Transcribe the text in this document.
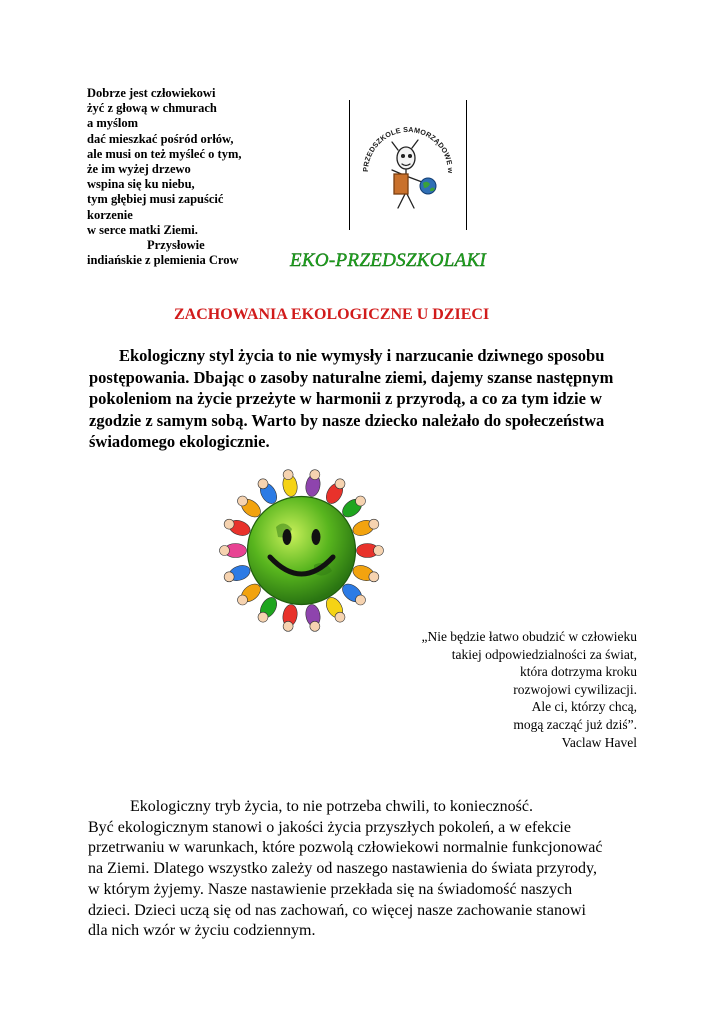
Dobrze jest człowiekowi
żyć z głową w chmurach
a myślom
dać mieszkać pośród orłów,
ale musi on też myśleć o tym,
że im wyżej drzewo
wspina się ku niebu,
tym głębiej musi zapuścić
korzenie
w serce matki Ziemi.
Przysłowie
indiańskie z plemienia Crow
PRZEDSZKOLE SAMORZĄDOWE w
EKO-PRZEDSZKOLAKI
ZACHOWANIA EKOLOGICZNE U DZIECI
Ekologiczny styl życia to nie wymysły i narzucanie dziwnego sposobu postępowania. Dbając o zasoby naturalne ziemi, dajemy szanse następnym pokoleniom na życie przeżyte w harmonii z przyrodą, a co za tym idzie w zgodzie z samym sobą. Warto by nasze dziecko należało do społeczeństwa świadomego ekologicznie.
„Nie będzie łatwo obudzić w człowieku
takiej odpowiedzialności za świat,
która dotrzyma kroku
rozwojowi cywilizacji.
Ale ci, którzy chcą,
mogą zacząć już dziś”.
Vaclaw Havel
Ekologiczny tryb życia, to nie potrzeba chwili, to konieczność.
Być ekologicznym stanowi o jakości życia przyszłych pokoleń, a w efekcie
przetrwaniu w warunkach, które pozwolą człowiekowi normalnie funkcjonować
na Ziemi. Dlatego wszystko zależy od naszego nastawienia do świata przyrody,
w którym żyjemy. Nasze nastawienie przekłada się na świadomość naszych
dzieci. Dzieci uczą się od nas zachowań, co więcej nasze zachowanie stanowi
dla nich wzór w życiu codziennym.
